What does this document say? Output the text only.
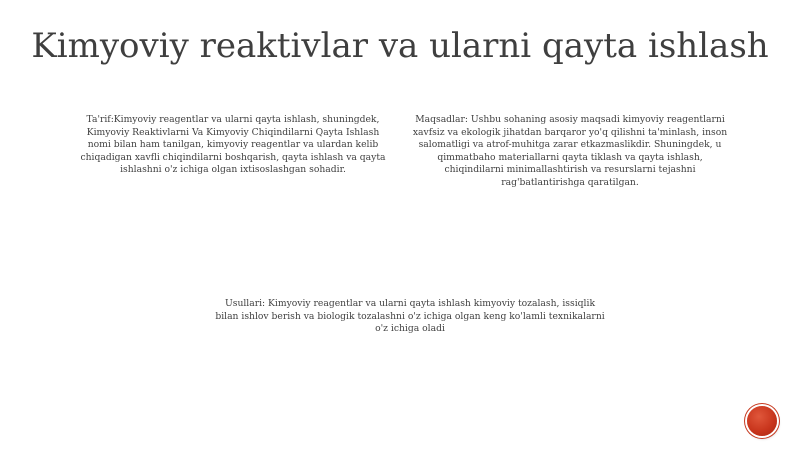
Kimyoviy reaktivlar va ularni qayta ishlash
Ta'rif:Kimyoviy reagentlar va ularni qayta ishlash, shuningdek, Kimyoviy Reaktivlarni Va Kimyoviy Chiqindilarni Qayta Ishlash nomi bilan ham tanilgan, kimyoviy reagentlar va ulardan kelib chiqadigan xavfli chiqindilarni boshqarish, qayta ishlash va qayta ishlashni o'z ichiga olgan ixtisoslashgan sohadir.
Maqsadlar: Ushbu sohaning asosiy maqsadi kimyoviy reagentlarni xavfsiz va ekologik jihatdan barqaror yo'q qilishni ta'minlash, inson salomatligi va atrof-muhitga zarar etkazmaslikdir. Shuningdek, u qimmatbaho materiallarni qayta tiklash va qayta ishlash, chiqindilarni minimallashtirish va resurslarni tejashni rag'batlantirishga qaratilgan.
Usullari: Kimyoviy reagentlar va ularni qayta ishlash kimyoviy tozalash, issiqlik bilan ishlov berish va biologik tozalashni o'z ichiga olgan keng ko'lamli texnikalarni o'z ichiga oladi
